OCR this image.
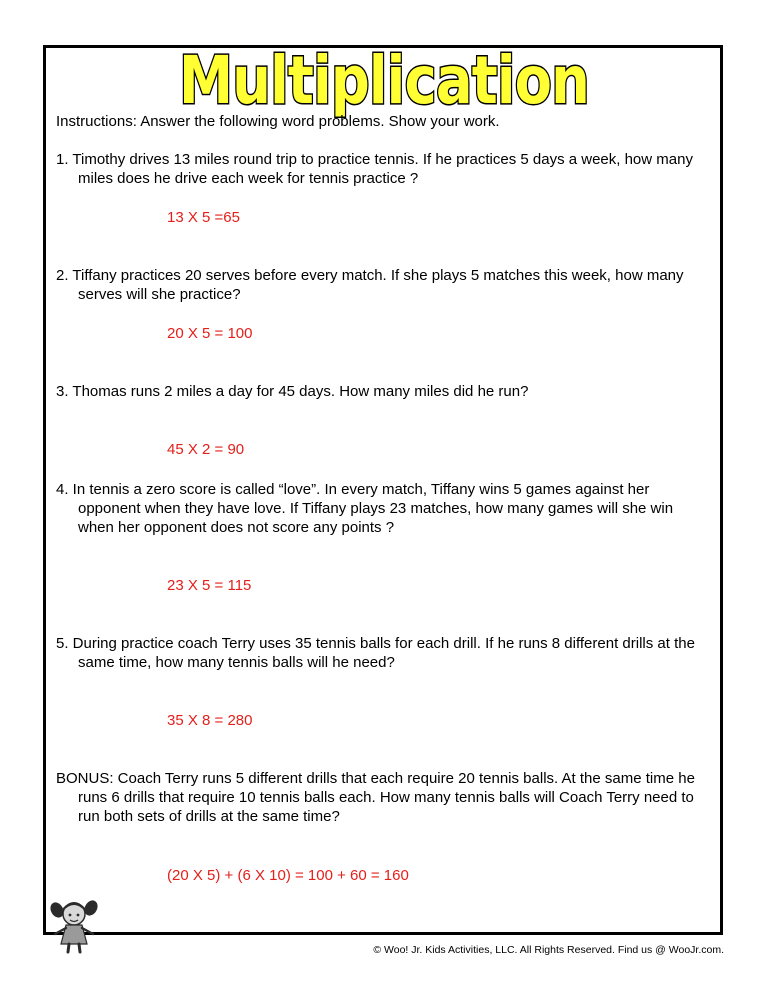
Multiplication
Instructions: Answer the following word problems. Show your work.

1. Timothy drives 13 miles round trip to practice tennis. If he practices 5 days a week, how many miles does he drive each week for tennis practice ?

13 X 5 =65

2. Tiffany practices 20 serves before every match. If she plays 5 matches this week, how many serves will she practice?

20 X 5 = 100

3. Thomas runs 2 miles a day for 45 days. How many miles did he run?

45 X 2 = 90

4. In tennis a zero score is called “love”. In every match, Tiffany wins 5 games against her opponent when they have love. If Tiffany plays 23 matches, how many games will she win when her opponent does not score any points ?

23 X 5 = 115

5. During practice coach Terry uses 35 tennis balls for each drill. If he runs 8 different drills at the same time, how many tennis balls will he need?

35 X 8 = 280

BONUS: Coach Terry runs 5 different drills that each require 20 tennis balls. At the same time he runs 6 drills that require 10 tennis balls each. How many tennis balls will Coach Terry need to run both sets of drills at the same time?

(20 X 5) + (6 X 10) = 100 + 60 = 160
© Woo! Jr. Kids Activities, LLC. All Rights Reserved. Find us @ WooJr.com.
